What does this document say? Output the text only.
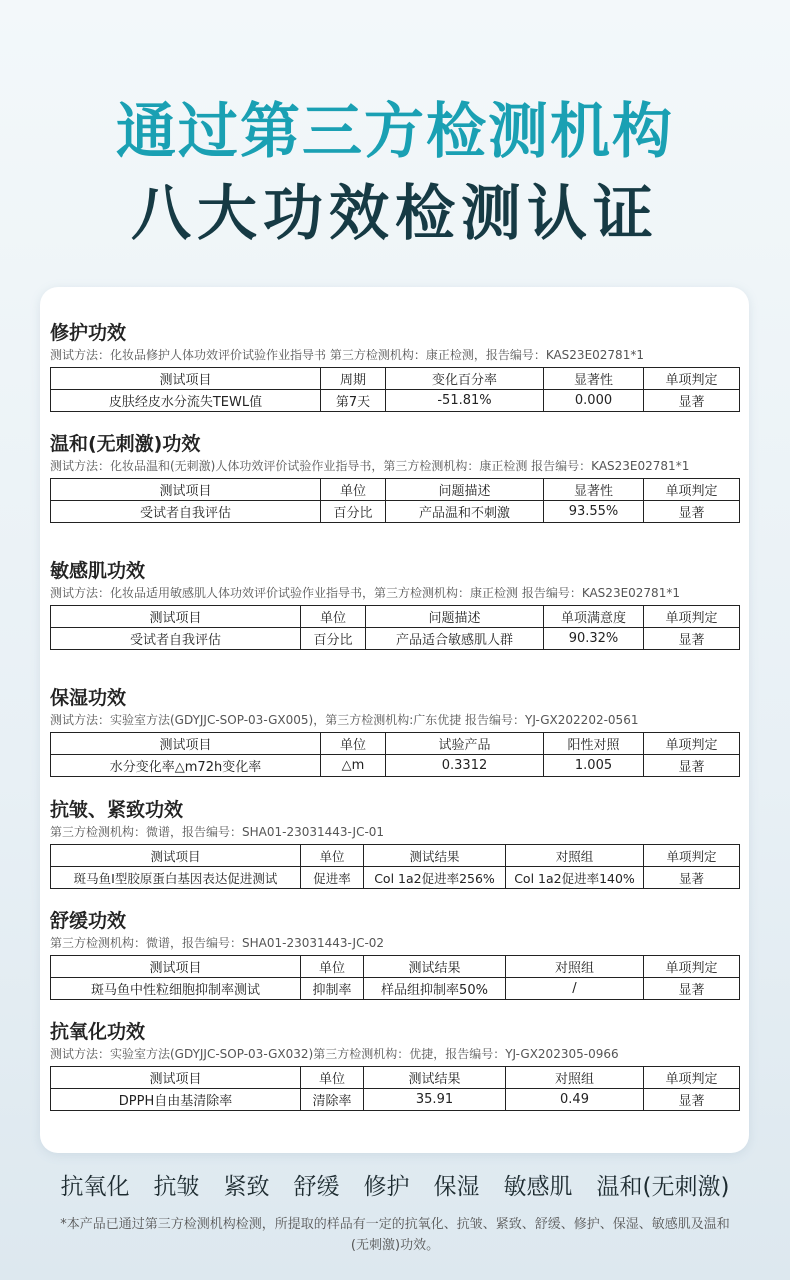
通过第三方检测机构
八大功效检测认证
修护功效
测试方法：化妆品修护人体功效评价试验作业指导书 第三方检测机构：康正检测，报告编号：KAS23E02781*1
测试项目	周期	变化百分率	显著性	单项判定
皮肤经皮水分流失TEWL值	第7天	-51.81%	0.000	显著
温和(无刺激)功效
测试方法：化妆品温和(无刺激)人体功效评价试验作业指导书，第三方检测机构：康正检测 报告编号：KAS23E02781*1
测试项目	单位	问题描述	显著性	单项判定
受试者自我评估	百分比	产品温和不刺激	93.55%	显著
敏感肌功效
测试方法：化妆品适用敏感肌人体功效评价试验作业指导书，第三方检测机构：康正检测 报告编号：KAS23E02781*1
测试项目	单位	问题描述	单项满意度	单项判定
受试者自我评估	百分比	产品适合敏感肌人群	90.32%	显著
保湿功效
测试方法：实验室方法(GDYJJC-SOP-03-GX005)，第三方检测机构:广东优捷 报告编号：YJ-GX202202-0561
测试项目	单位	试验产品	阳性对照	单项判定
水分变化率△m72h变化率	△m	0.3312	1.005	显著
抗皱、紧致功效
第三方检测机构：微谱，报告编号：SHA01-23031443-JC-01
测试项目	单位	测试结果	对照组	单项判定
斑马鱼I型胶原蛋白基因表达促进测试	促进率	Col 1a2促进率256%	Col 1a2促进率140%	显著
舒缓功效
第三方检测机构：微谱，报告编号：SHA01-23031443-JC-02
测试项目	单位	测试结果	对照组	单项判定
斑马鱼中性粒细胞抑制率测试	抑制率	样品组抑制率50%	/	显著
抗氧化功效
测试方法：实验室方法(GDYJJC-SOP-03-GX032)第三方检测机构：优捷，报告编号：YJ-GX202305-0966
测试项目	单位	测试结果	对照组	单项判定
DPPH自由基清除率	清除率	35.91	0.49	显著
抗氧化 抗皱 紧致 舒缓 修护 保湿 敏感肌 温和(无刺激)
*本产品已通过第三方检测机构检测，所提取的样品有一定的抗氧化、抗皱、紧致、舒缓、修护、保湿、敏感肌及温和(无刺激)功效。
